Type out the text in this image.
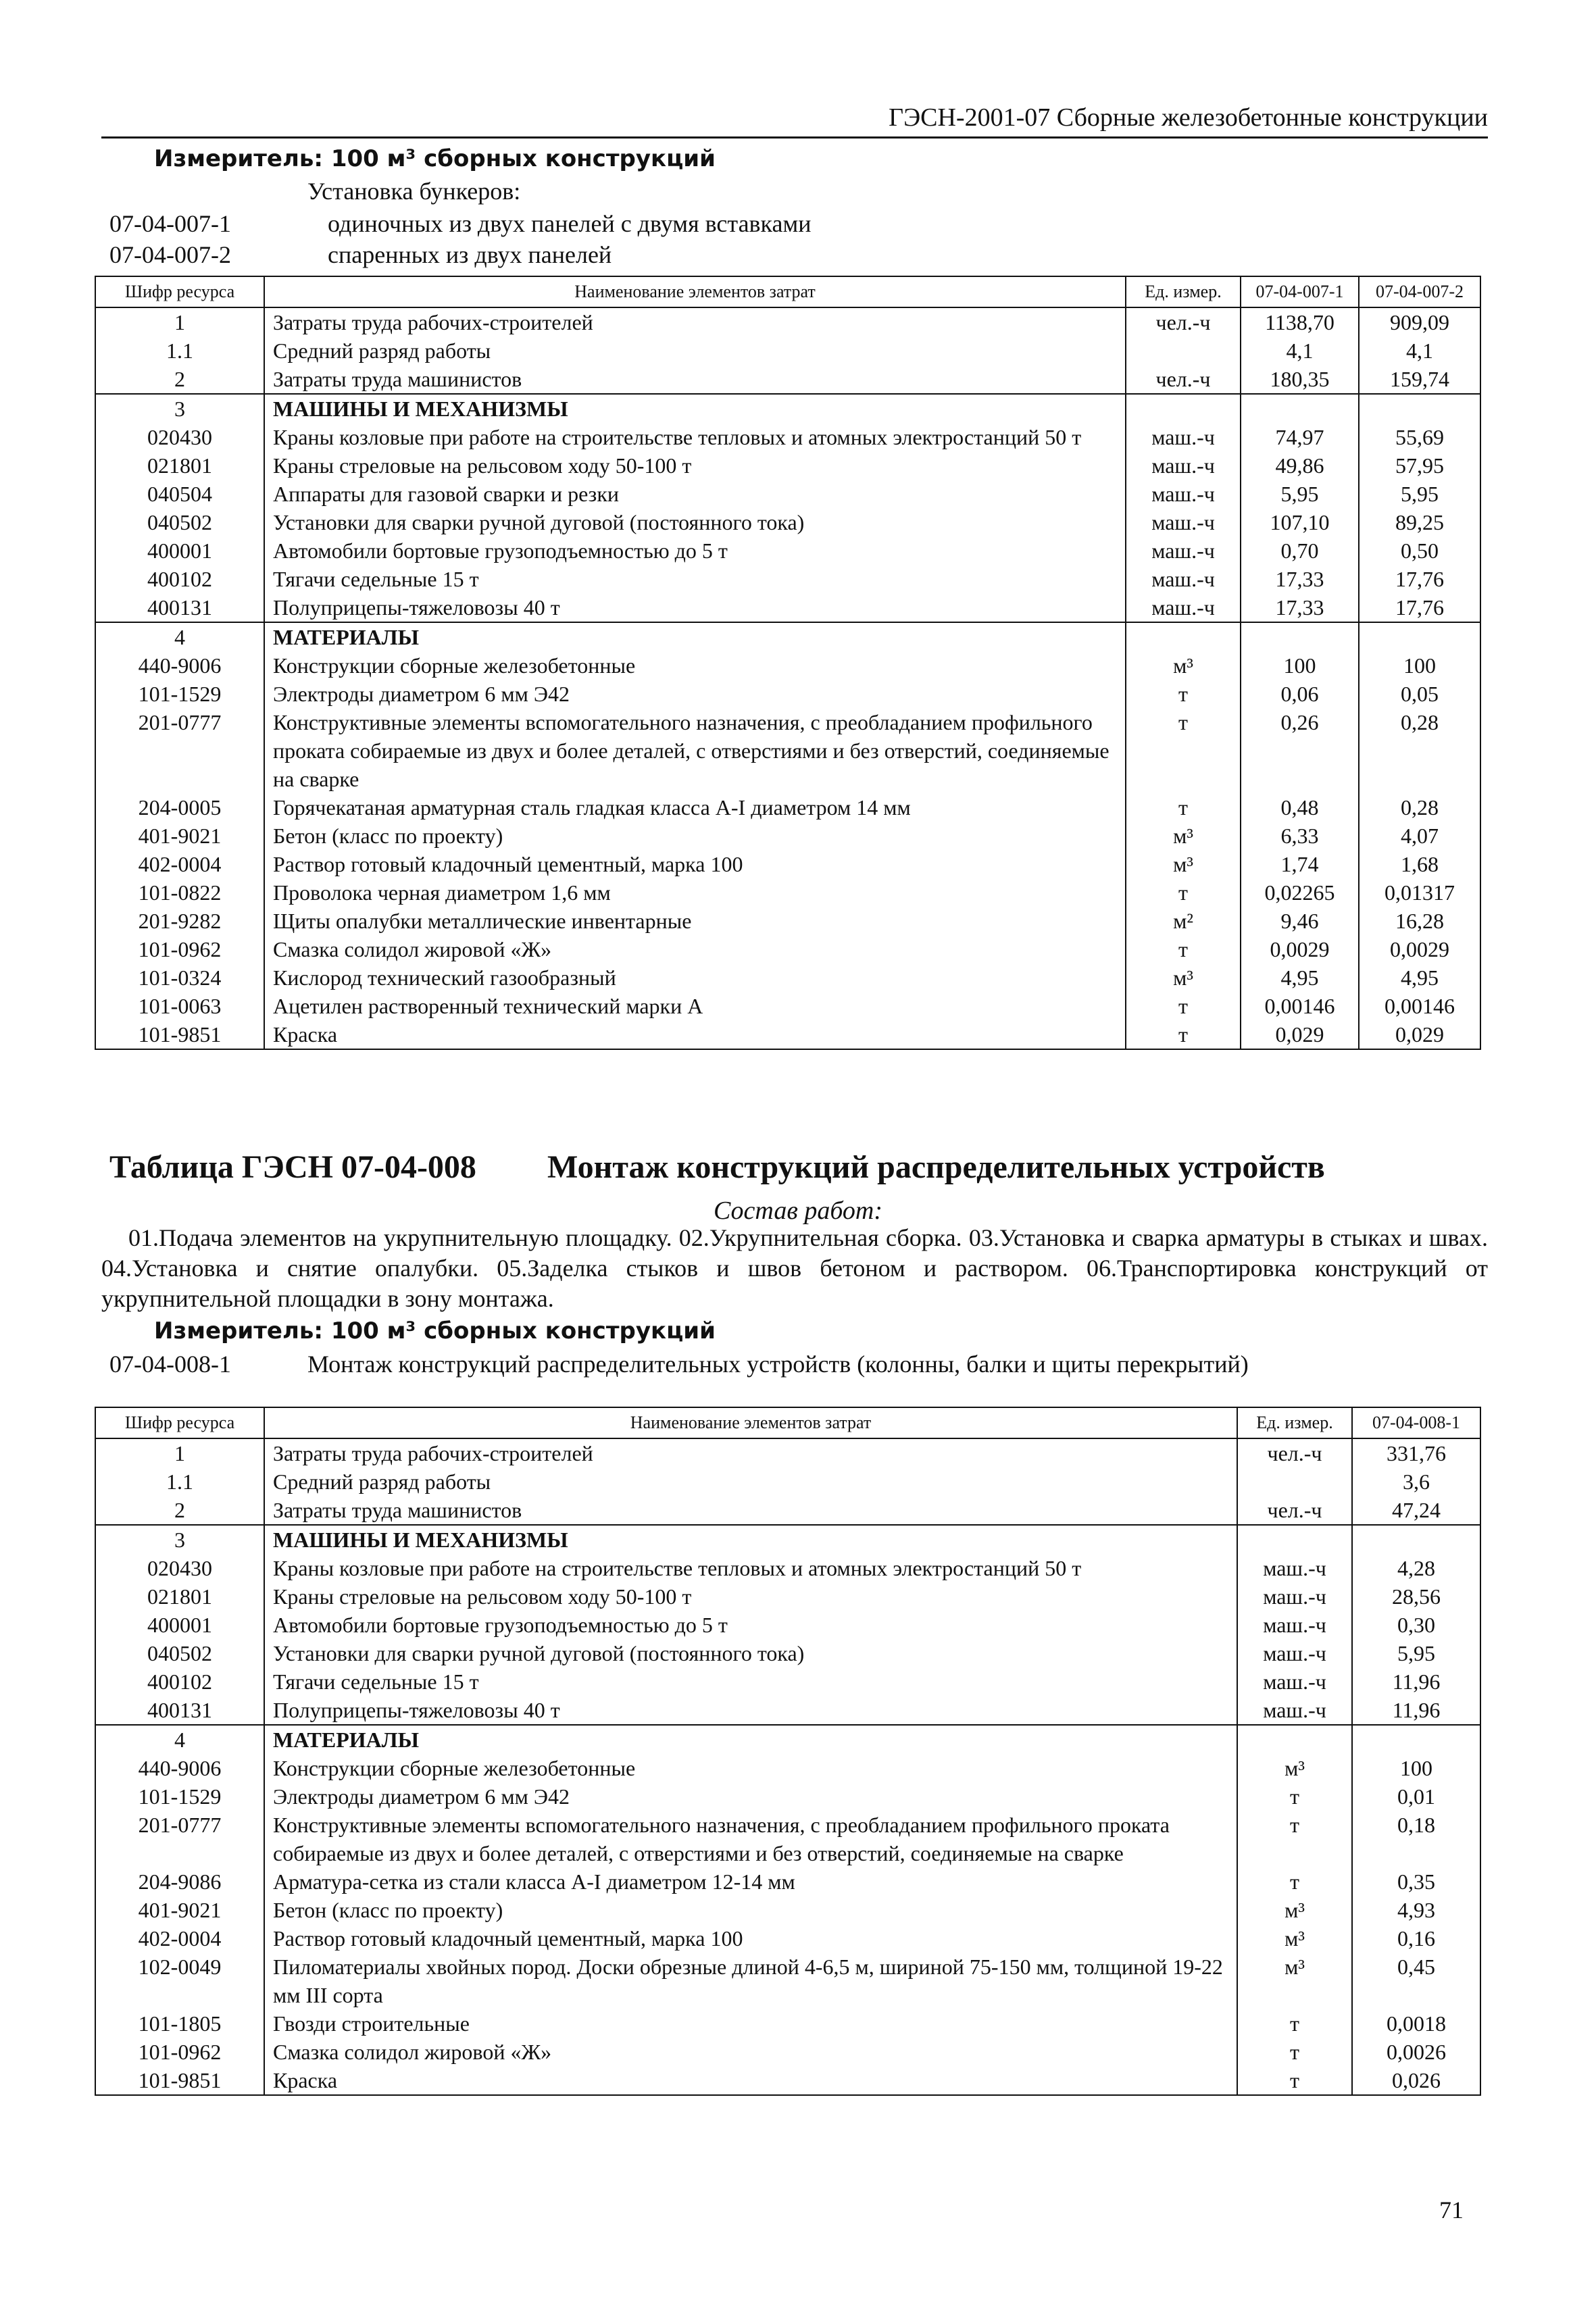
ГЭСН-2001-07 Сборные железобетонные конструкции
Измеритель: 100 м³ сборных конструкций
Установка бункеров:
07-04-007-1	одиночных из двух панелей с двумя вставками
07-04-007-2	спаренных из двух панелей
Шифр ресурса	Наименование элементов затрат	Ед. измер.	07-04-007-1	07-04-007-2
1	Затраты труда рабочих-строителей	чел.-ч	1138,70	909,09
1.1	Средний разряд работы		4,1	4,1
2	Затраты труда машинистов	чел.-ч	180,35	159,74
3	МАШИНЫ И МЕХАНИЗМЫ			
020430	Краны козловые при работе на строительстве тепловых и атомных электростанций 50 т	маш.-ч	74,97	55,69
021801	Краны стреловые на рельсовом ходу 50-100 т	маш.-ч	49,86	57,95
040504	Аппараты для газовой сварки и резки	маш.-ч	5,95	5,95
040502	Установки для сварки ручной дуговой (постоянного тока)	маш.-ч	107,10	89,25
400001	Автомобили бортовые грузоподъемностью до 5 т	маш.-ч	0,70	0,50
400102	Тягачи седельные 15 т	маш.-ч	17,33	17,76
400131	Полуприцепы-тяжеловозы 40 т	маш.-ч	17,33	17,76
4	МАТЕРИАЛЫ			
440-9006	Конструкции сборные железобетонные	м³	100	100
101-1529	Электроды диаметром 6 мм Э42	т	0,06	0,05
201-0777	Конструктивные элементы вспомогательного назначения, с преобладанием профильного проката собираемые из двух и более деталей, с отверстиями и без отверстий, соединяемые на сварке	т	0,26	0,28
204-0005	Горячекатаная арматурная сталь гладкая класса А-I диаметром 14 мм	т	0,48	0,28
401-9021	Бетон (класс по проекту)	м³	6,33	4,07
402-0004	Раствор готовый кладочный цементный, марка 100	м³	1,74	1,68
101-0822	Проволока черная диаметром 1,6 мм	т	0,02265	0,01317
201-9282	Щиты опалубки металлические инвентарные	м²	9,46	16,28
101-0962	Смазка солидол жировой «Ж»	т	0,0029	0,0029
101-0324	Кислород технический газообразный	м³	4,95	4,95
101-0063	Ацетилен растворенный технический марки А	т	0,00146	0,00146
101-9851	Краска	т	0,029	0,029
Таблица ГЭСН 07-04-008 Монтаж конструкций распределительных устройств
Состав работ:
01.Подача элементов на укрупнительную площадку. 02.Укрупнительная сборка. 03.Установка и сварка арматуры в стыках и швах. 04.Установка и снятие опалубки. 05.Заделка стыков и швов бетоном и раствором. 06.Транспортировка конструкций от укрупнительной площадки в зону монтажа.
Измеритель: 100 м³ сборных конструкций
07-04-008-1	Монтаж конструкций распределительных устройств (колонны, балки и щиты перекрытий)
Шифр ресурса	Наименование элементов затрат	Ед. измер.	07-04-008-1
1	Затраты труда рабочих-строителей	чел.-ч	331,76
1.1	Средний разряд работы		3,6
2	Затраты труда машинистов	чел.-ч	47,24
3	МАШИНЫ И МЕХАНИЗМЫ		
020430	Краны козловые при работе на строительстве тепловых и атомных электростанций 50 т	маш.-ч	4,28
021801	Краны стреловые на рельсовом ходу 50-100 т	маш.-ч	28,56
400001	Автомобили бортовые грузоподъемностью до 5 т	маш.-ч	0,30
040502	Установки для сварки ручной дуговой (постоянного тока)	маш.-ч	5,95
400102	Тягачи седельные 15 т	маш.-ч	11,96
400131	Полуприцепы-тяжеловозы 40 т	маш.-ч	11,96
4	МАТЕРИАЛЫ		
440-9006	Конструкции сборные железобетонные	м³	100
101-1529	Электроды диаметром 6 мм Э42	т	0,01
201-0777	Конструктивные элементы вспомогательного назначения, с преобладанием профильного проката собираемые из двух и более деталей, с отверстиями и без отверстий, соединяемые на сварке	т	0,18
204-9086	Арматура-сетка из стали класса А-I диаметром 12-14 мм	т	0,35
401-9021	Бетон (класс по проекту)	м³	4,93
402-0004	Раствор готовый кладочный цементный, марка 100	м³	0,16
102-0049	Пиломатериалы хвойных пород. Доски обрезные длиной 4-6,5 м, шириной 75-150 мм, толщиной 19-22 мм III сорта	м³	0,45
101-1805	Гвозди строительные	т	0,0018
101-0962	Смазка солидол жировой «Ж»	т	0,0026
101-9851	Краска	т	0,026
71
